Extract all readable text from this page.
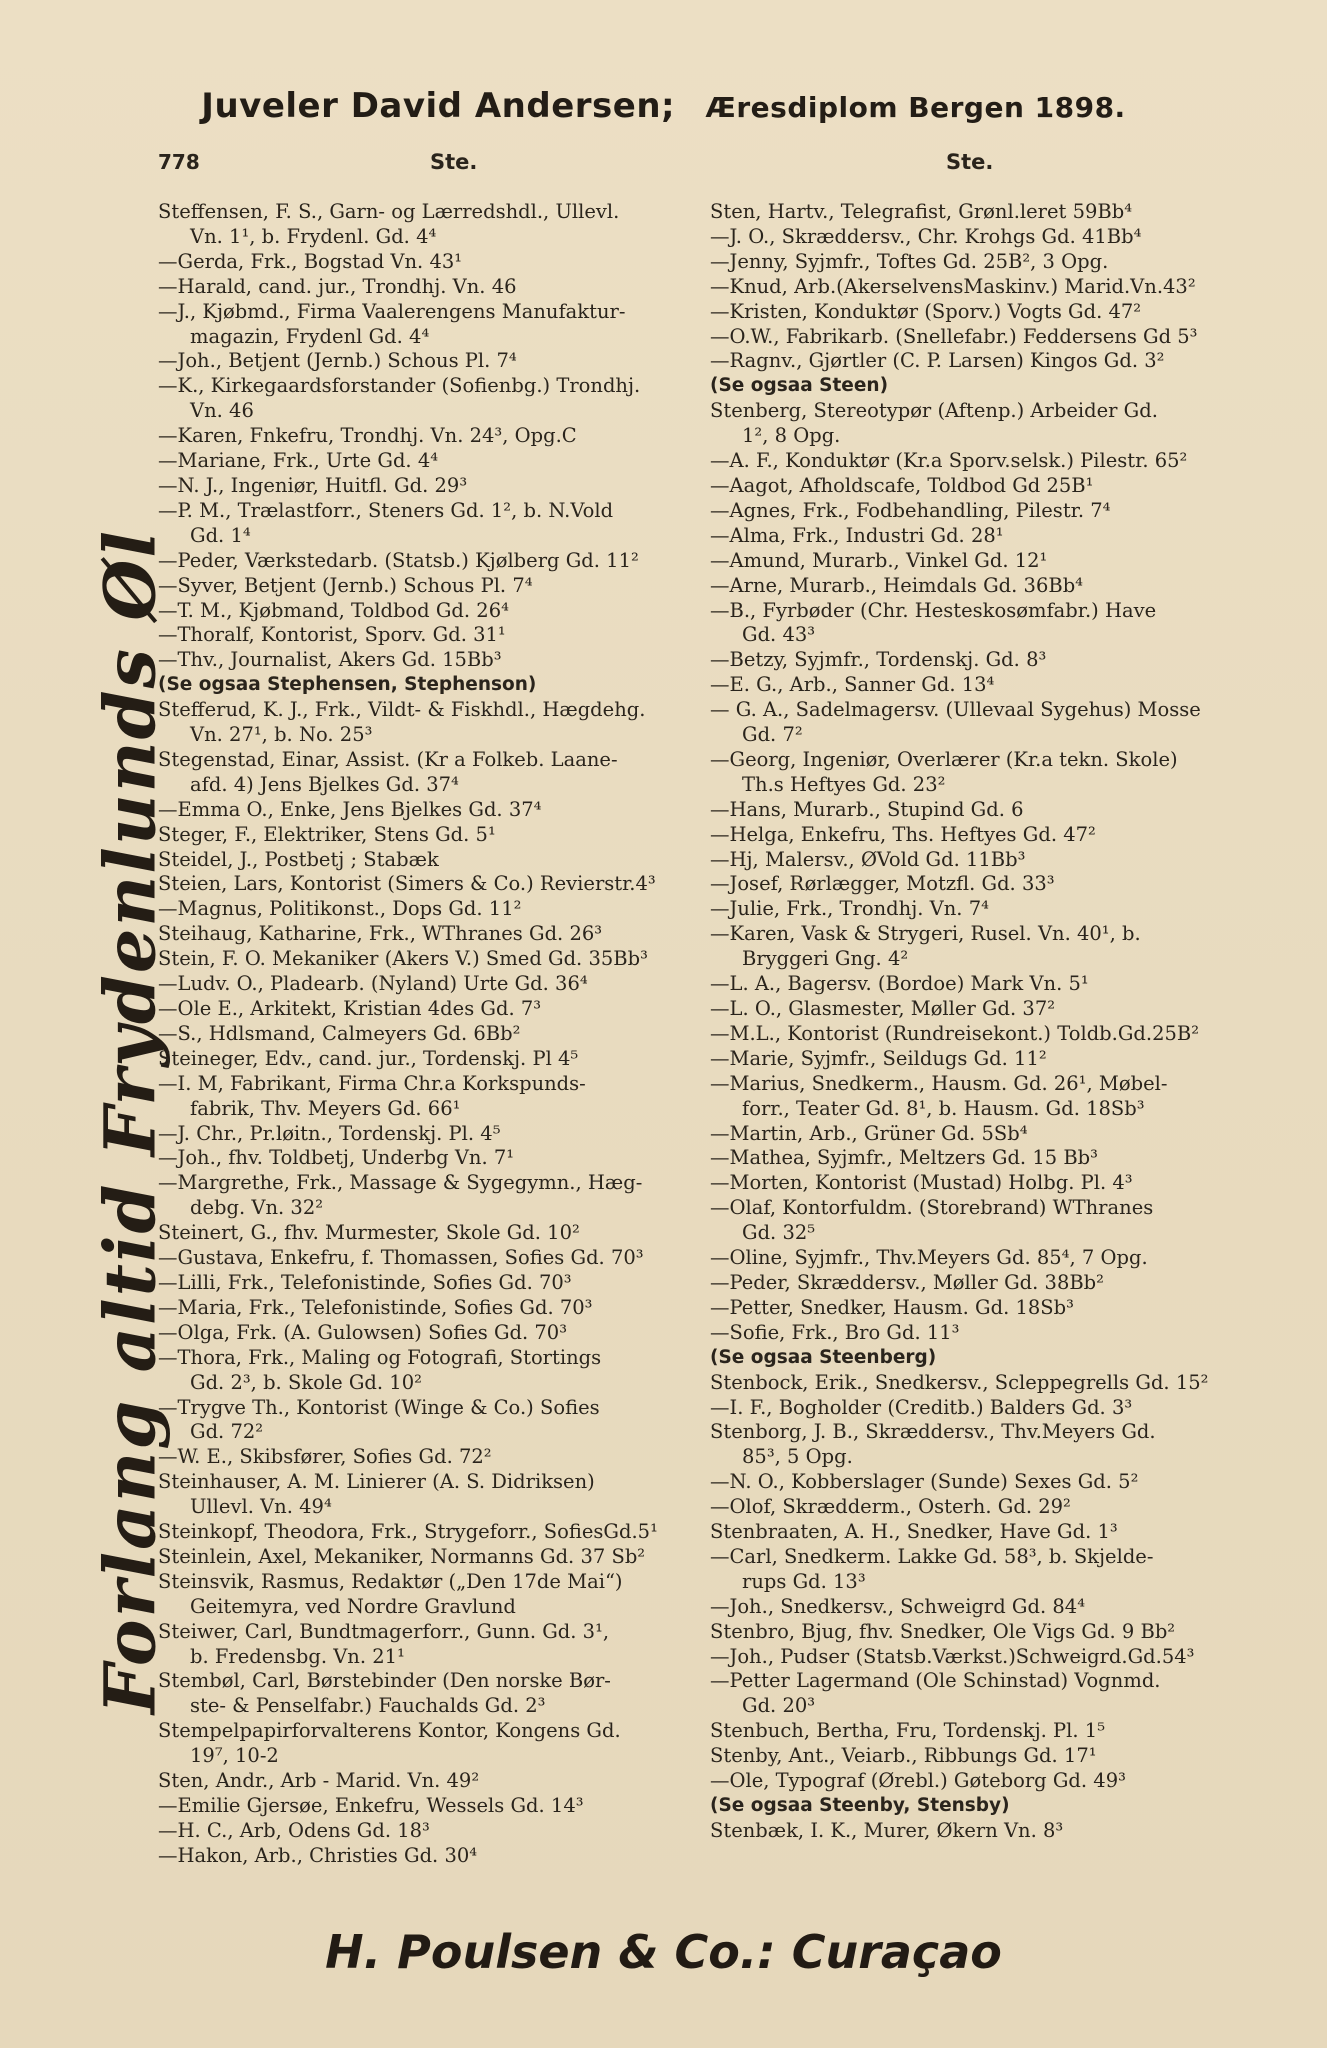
Juveler David Andersen; Æresdiplom Bergen 1898.
778	Ste.	Ste.
Forlang altid Frydenlunds Øl
Steffensen, F. S., Garn- og Lærredshdl., Ullevl.
Vn. 1¹, b. Frydenl. Gd. 4⁴
—Gerda, Frk., Bogstad Vn. 43¹
—Harald, cand. jur., Trondhj. Vn. 46
—J., Kjøbmd., Firma Vaalerengens Manufaktur-
magazin, Frydenl Gd. 4⁴
—Joh., Betjent (Jernb.) Schous Pl. 7⁴
—K., Kirkegaardsforstander (Sofienbg.) Trondhj.
Vn. 46
—Karen, Fnkefru, Trondhj. Vn. 24³, Opg.C
—Mariane, Frk., Urte Gd. 4⁴
—N. J., Ingeniør, Huitfl. Gd. 29³
—P. M., Trælastforr., Steners Gd. 1², b. N.Vold
Gd. 1⁴
—Peder, Værkstedarb. (Statsb.) Kjølberg Gd. 11²
—Syver, Betjent (Jernb.) Schous Pl. 7⁴
—T. M., Kjøbmand, Toldbod Gd. 26⁴
—Thoralf, Kontorist, Sporv. Gd. 31¹
—Thv., Journalist, Akers Gd. 15Bb³
(Se ogsaa Stephensen, Stephenson)
Stefferud, K. J., Frk., Vildt- & Fiskhdl., Hægdehg.
Vn. 27¹, b. No. 25³
Stegenstad, Einar, Assist. (Kr a Folkeb. Laane-
afd. 4) Jens Bjelkes Gd. 37⁴
—Emma O., Enke, Jens Bjelkes Gd. 37⁴
Steger, F., Elektriker, Stens Gd. 5¹
Steidel, J., Postbetj ; Stabæk
Steien, Lars, Kontorist (Simers & Co.) Revierstr.4³
—Magnus, Politikonst., Dops Gd. 11²
Steihaug, Katharine, Frk., WThranes Gd. 26³
Stein, F. O. Mekaniker (Akers V.) Smed Gd. 35Bb³
—Ludv. O., Pladearb. (Nyland) Urte Gd. 36⁴
—Ole E., Arkitekt, Kristian 4des Gd. 7³
—S., Hdlsmand, Calmeyers Gd. 6Bb²
Steineger, Edv., cand. jur., Tordenskj. Pl 4⁵
—I. M, Fabrikant, Firma Chr.a Korkspunds-
fabrik, Thv. Meyers Gd. 66¹
—J. Chr., Pr.løitn., Tordenskj. Pl. 4⁵
—Joh., fhv. Toldbetj, Underbg Vn. 7¹
—Margrethe, Frk., Massage & Sygegymn., Hæg-
debg. Vn. 32²
Steinert, G., fhv. Murmester, Skole Gd. 10²
—Gustava, Enkefru, f. Thomassen, Sofies Gd. 70³
—Lilli, Frk., Telefonistinde, Sofies Gd. 70³
—Maria, Frk., Telefonistinde, Sofies Gd. 70³
—Olga, Frk. (A. Gulowsen) Sofies Gd. 70³
—Thora, Frk., Maling og Fotografi, Stortings
Gd. 2³, b. Skole Gd. 10²
—Trygve Th., Kontorist (Winge & Co.) Sofies
Gd. 72²
—W. E., Skibsfører, Sofies Gd. 72²
Steinhauser, A. M. Linierer (A. S. Didriksen)
Ullevl. Vn. 49⁴
Steinkopf, Theodora, Frk., Strygeforr., SofiesGd.5¹
Steinlein, Axel, Mekaniker, Normanns Gd. 37 Sb²
Steinsvik, Rasmus, Redaktør („Den 17de Mai“)
Geitemyra, ved Nordre Gravlund
Steiwer, Carl, Bundtmagerforr., Gunn. Gd. 3¹,
b. Fredensbg. Vn. 21¹
Stembøl, Carl, Børstebinder (Den norske Bør-
ste- & Penselfabr.) Fauchalds Gd. 2³
Stempelpapirforvalterens Kontor, Kongens Gd.
19⁷, 10-2
Sten, Andr., Arb - Marid. Vn. 49²
—Emilie Gjersøe, Enkefru, Wessels Gd. 14³
—H. C., Arb, Odens Gd. 18³
—Hakon, Arb., Christies Gd. 30⁴
Sten, Hartv., Telegrafist, Grønl.leret 59Bb⁴
—J. O., Skræddersv., Chr. Krohgs Gd. 41Bb⁴
—Jenny, Syjmfr., Toftes Gd. 25B², 3 Opg.
—Knud, Arb.(AkerselvensMaskinv.) Marid.Vn.43²
—Kristen, Konduktør (Sporv.) Vogts Gd. 47²
—O.W., Fabrikarb. (Snellefabr.) Feddersens Gd 5³
—Ragnv., Gjørtler (C. P. Larsen) Kingos Gd. 3²
(Se ogsaa Steen)
Stenberg, Stereotypør (Aftenp.) Arbeider Gd.
1², 8 Opg.
—A. F., Konduktør (Kr.a Sporv.selsk.) Pilestr. 65²
—Aagot, Afholdscafe, Toldbod Gd 25B¹
—Agnes, Frk., Fodbehandling, Pilestr. 7⁴
—Alma, Frk., Industri Gd. 28¹
—Amund, Murarb., Vinkel Gd. 12¹
—Arne, Murarb., Heimdals Gd. 36Bb⁴
—B., Fyrbøder (Chr. Hesteskosømfabr.) Have
Gd. 43³
—Betzy, Syjmfr., Tordenskj. Gd. 8³
—E. G., Arb., Sanner Gd. 13⁴
— G. A., Sadelmagersv. (Ullevaal Sygehus) Mosse
Gd. 7²
—Georg, Ingeniør, Overlærer (Kr.a tekn. Skole)
Th.s Heftyes Gd. 23²
—Hans, Murarb., Stupind Gd. 6
—Helga, Enkefru, Ths. Heftyes Gd. 47²
—Hj, Malersv., ØVold Gd. 11Bb³
—Josef, Rørlægger, Motzfl. Gd. 33³
—Julie, Frk., Trondhj. Vn. 7⁴
—Karen, Vask & Strygeri, Rusel. Vn. 40¹, b.
Bryggeri Gng. 4²
—L. A., Bagersv. (Bordoe) Mark Vn. 5¹
—L. O., Glasmester, Møller Gd. 37²
—M.L., Kontorist (Rundreisekont.) Toldb.Gd.25B²
—Marie, Syjmfr., Seildugs Gd. 11²
—Marius, Snedkerm., Hausm. Gd. 26¹, Møbel-
forr., Teater Gd. 8¹, b. Hausm. Gd. 18Sb³
—Martin, Arb., Grüner Gd. 5Sb⁴
—Mathea, Syjmfr., Meltzers Gd. 15 Bb³
—Morten, Kontorist (Mustad) Holbg. Pl. 4³
—Olaf, Kontorfuldm. (Storebrand) WThranes
Gd. 32⁵
—Oline, Syjmfr., Thv.Meyers Gd. 85⁴, 7 Opg.
—Peder, Skræddersv., Møller Gd. 38Bb²
—Petter, Snedker, Hausm. Gd. 18Sb³
—Sofie, Frk., Bro Gd. 11³
(Se ogsaa Steenberg)
Stenbock, Erik., Snedkersv., Scleppegrells Gd. 15²
—I. F., Bogholder (Creditb.) Balders Gd. 3³
Stenborg, J. B., Skræddersv., Thv.Meyers Gd.
85³, 5 Opg.
—N. O., Kobberslager (Sunde) Sexes Gd. 5²
—Olof, Skrædderm., Osterh. Gd. 29²
Stenbraaten, A. H., Snedker, Have Gd. 1³
—Carl, Snedkerm. Lakke Gd. 58³, b. Skjelde-
rups Gd. 13³
—Joh., Snedkersv., Schweigrd Gd. 84⁴
Stenbro, Bjug, fhv. Snedker, Ole Vigs Gd. 9 Bb²
—Joh., Pudser (Statsb.Værkst.)Schweigrd.Gd.54³
—Petter Lagermand (Ole Schinstad) Vognmd.
Gd. 20³
Stenbuch, Bertha, Fru, Tordenskj. Pl. 1⁵
Stenby, Ant., Veiarb., Ribbungs Gd. 17¹
—Ole, Typograf (Ørebl.) Gøteborg Gd. 49³
(Se ogsaa Steenby, Stensby)
Stenbæk, I. K., Murer, Økern Vn. 8³
H. Poulsen & Co.: Curaçao
